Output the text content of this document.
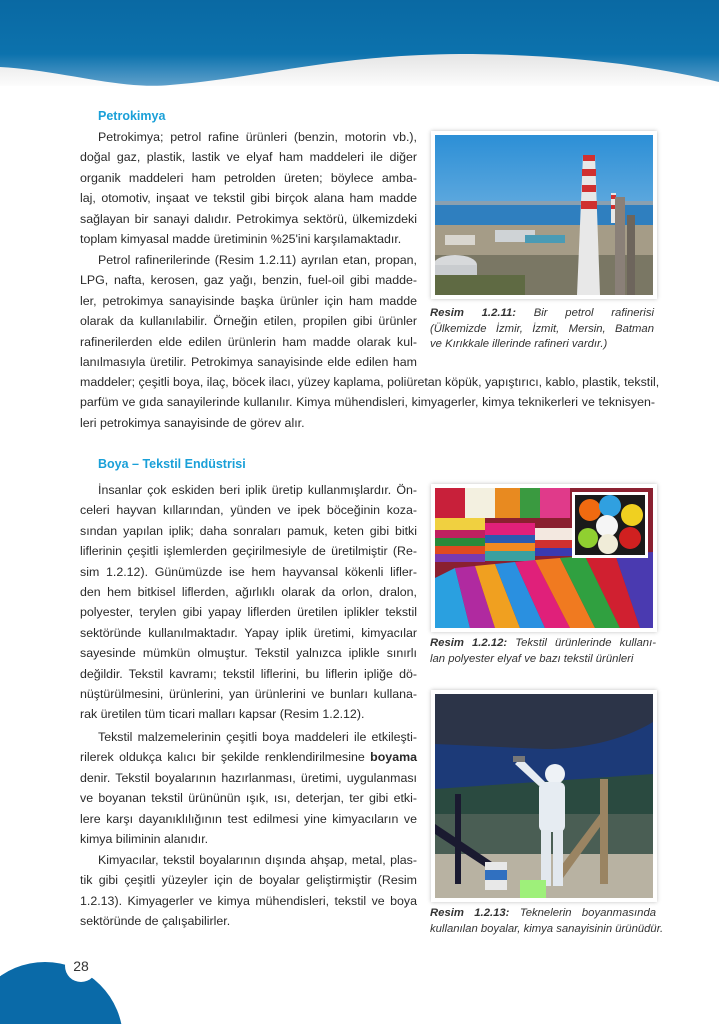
Petrokimya
Petrokimya; petrol rafine ürünleri (benzin, motorin vb.),
doğal gaz, plastik, lastik ve elyaf ham maddeleri ile diğer
organik maddeleri ham petrolden üreten; böylece amba-
laj, otomotiv, inşaat ve tekstil gibi birçok alana ham madde
sağlayan bir sanayi dalıdır. Petrokimya sektörü, ülkemizdeki
toplam kimyasal madde üretiminin %25'ini karşılamaktadır.
Petrol rafinerilerinde (Resim 1.2.11) ayrılan etan, propan,
LPG, nafta, kerosen, gaz yağı, benzin, fuel-oil gibi madde-
ler, petrokimya sanayisinde başka ürünler için ham madde
olarak da kullanılabilir. Örneğin etilen, propilen gibi ürünler
rafinerilerden elde edilen ürünlerin ham madde olarak kul-
lanılmasıyla üretilir. Petrokimya sanayisinde elde edilen ham
maddeler; çeşitli boya, ilaç, böcek ilacı, yüzey kaplama, poliüretan köpük, yapıştırıcı, kablo, plastik, tekstil,
parfüm ve gıda sanayilerinde kullanılır. Kimya mühendisleri, kimyagerler, kimya teknikerleri ve teknisyen-
leri petrokimya sanayisinde de görev alır.
Resim 1.2.11: Bir petrol rafinerisi
(Ülkemizde İzmir, İzmit, Mersin, Batman
ve Kırıkkale illerinde rafineri vardır.)
Boya – Tekstil Endüstrisi
İnsanlar çok eskiden beri iplik üretip kullanmışlardır. Ön-
celeri hayvan kıllarından, yünden ve ipek böceğinin koza-
sından yapılan iplik; daha sonraları pamuk, keten gibi bitki
liflerinin çeşitli işlemlerden geçirilmesiyle de üretilmiştir (Re-
sim 1.2.12). Günümüzde ise hem hayvansal kökenli lifler-
den hem bitkisel liflerden, ağırlıklı olarak da orlon, dralon,
polyester, terylen gibi yapay liflerden üretilen iplikler tekstil
sektöründe kullanılmaktadır. Yapay iplik üretimi, kimyacılar
sayesinde mümkün olmuştur. Tekstil yalnızca iplikle sınırlı
değildir. Tekstil kavramı; tekstil liflerini, bu liflerin ipliğe dö-
nüştürülmesini, ürünlerini, yan ürünlerini ve bunları kullana-
rak üretilen tüm ticari malları kapsar (Resim 1.2.12).
Tekstil malzemelerinin çeşitli boya maddeleri ile etkileşti-
rilerek oldukça kalıcı bir şekilde renklendirilmesine boyama
denir. Tekstil boyalarının hazırlanması, üretimi, uygulanması
ve boyanan tekstil ürününün ışık, ısı, deterjan, ter gibi etki-
lere karşı dayanıklılığının test edilmesi yine kimyacıların ve
kimya biliminin alanıdır.
Kimyacılar, tekstil boyalarının dışında ahşap, metal, plas-
tik gibi çeşitli yüzeyler için de boyalar geliştirmiştir (Resim
1.2.13). Kimyagerler ve kimya mühendisleri, tekstil ve boya
sektöründe de çalışabilirler.
Resim 1.2.12: Tekstil ürünlerinde kullanı-
lan polyester elyaf ve bazı tekstil ürünleri
Resim 1.2.13: Teknelerin boyanmasında
kullanılan boyalar, kimya sanayisinin ürünüdür.
28
